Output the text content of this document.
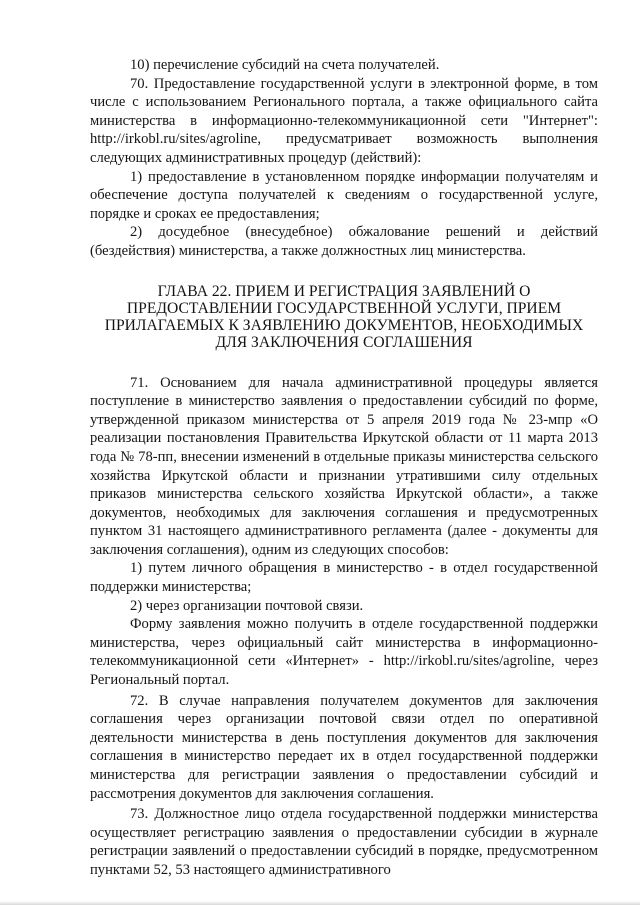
10) перечисление субсидий на счета получателей.

70. Предоставление государственной услуги в электронной форме, в том числе с использованием Регионального портала, а также официального сайта министерства в информационно-телекоммуникационной сети "Интернет": http://irkobl.ru/sites/agroline, предусматривает возможность выполнения следующих административных процедур (действий):

1) предоставление в установленном порядке информации получателям и обеспечение доступа получателей к сведениям о государственной услуге, порядке и сроках ее предоставления;

2) досудебное (внесудебное) обжалование решений и действий (бездействия) министерства, а также должностных лиц министерства.

ГЛАВА 22. ПРИЕМ И РЕГИСТРАЦИЯ ЗАЯВЛЕНИЙ О ПРЕДОСТАВЛЕНИИ ГОСУДАРСТВЕННОЙ УСЛУГИ, ПРИЕМ ПРИЛАГАЕМЫХ К ЗАЯВЛЕНИЮ ДОКУМЕНТОВ, НЕОБХОДИМЫХ ДЛЯ ЗАКЛЮЧЕНИЯ СОГЛАШЕНИЯ

71. Основанием для начала административной процедуры является поступление в министерство заявления о предоставлении субсидий по форме, утвержденной приказом министерства от 5 апреля 2019 года № 23-мпр «О реализации постановления Правительства Иркутской области от 11 марта 2013 года № 78-пп, внесении изменений в отдельные приказы министерства сельского хозяйства Иркутской области и признании утратившими силу отдельных приказов министерства сельского хозяйства Иркутской области», а также документов, необходимых для заключения соглашения и предусмотренных пунктом 31 настоящего административного регламента (далее - документы для заключения соглашения), одним из следующих способов:

1) путем личного обращения в министерство - в отдел государственной поддержки министерства;

2) через организации почтовой связи.

Форму заявления можно получить в отделе государственной поддержки министерства, через официальный сайт министерства в информационно-телекоммуникационной сети «Интернет» - http://irkobl.ru/sites/agroline, через Региональный портал.

72. В случае направления получателем документов для заключения соглашения через организации почтовой связи отдел по оперативной деятельности министерства в день поступления документов для заключения соглашения в министерство передает их в отдел государственной поддержки министерства для регистрации заявления о предоставлении субсидий и рассмотрения документов для заключения соглашения.

73. Должностное лицо отдела государственной поддержки министерства осуществляет регистрацию заявления о предоставлении субсидии в журнале регистрации заявлений о предоставлении субсидий в порядке, предусмотренном пунктами 52, 53 настоящего административного
